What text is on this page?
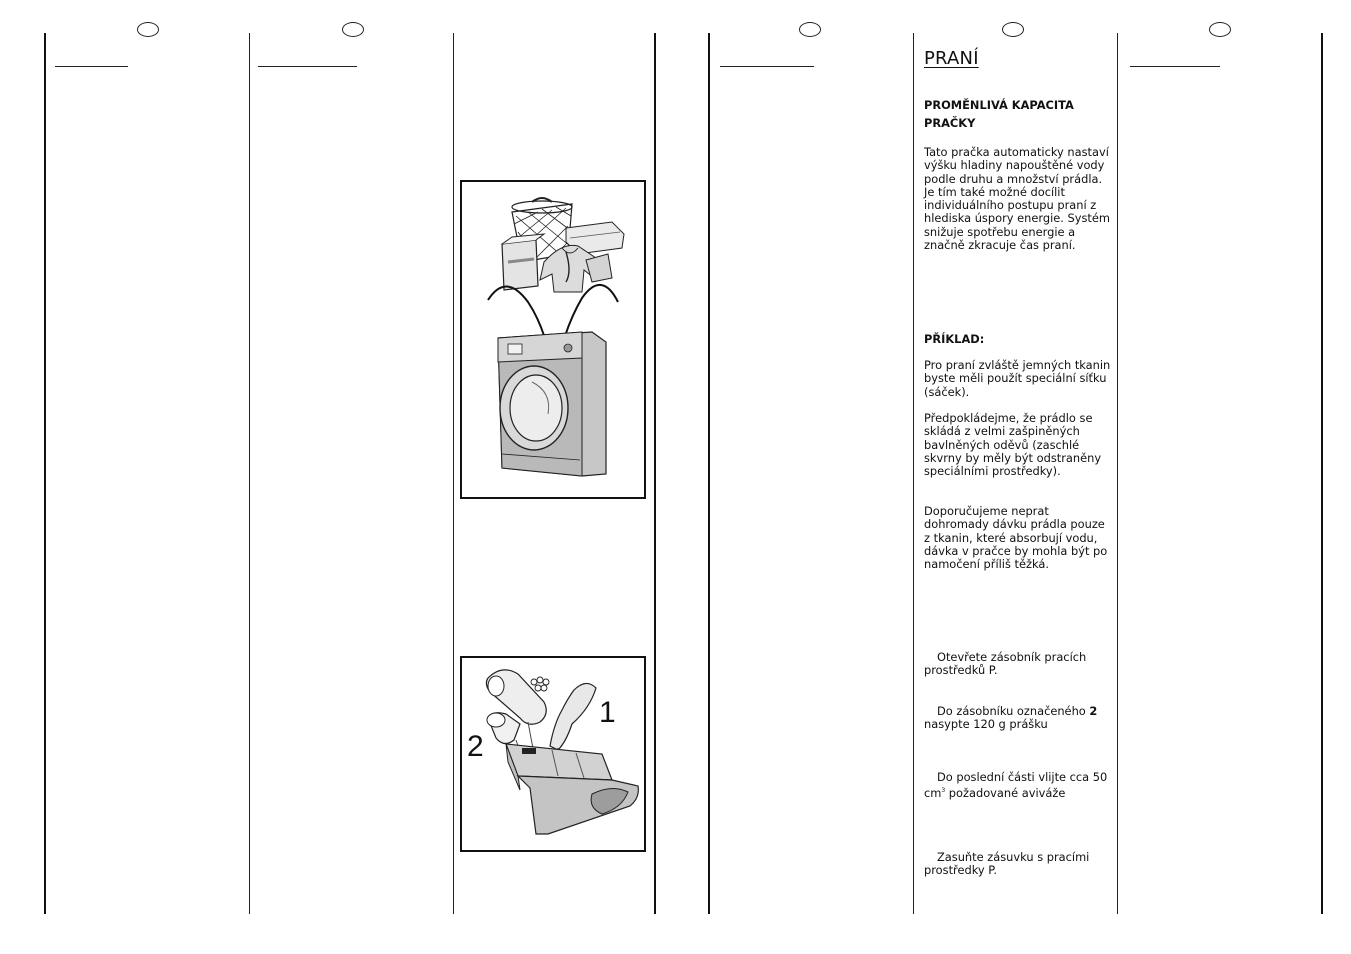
1
2
PRANÍ
PROMĚNLIVÁ KAPACITA PRAČKY
Tato pračka automaticky nastaví výšku hladiny napouštěné vody podle druhu a množství prádla. Je tím také možné docílit individuálního postupu praní z hlediska úspory energie. Systém snižuje spotřebu energie a značně zkracuje čas praní.
PŘÍKLAD:
Pro praní zvláště jemných tkanin byste měli použít speciální síťku (sáček).
Předpokládejme, že prádlo se skládá z velmi zašpiněných bavlněných oděvů (zaschlé skvrny by měly být odstraněny speciálními prostředky).
Doporučujeme neprat dohromady dávku prádla pouze z tkanin, které absorbují vodu, dávka v pračce by mohla být po namočení příliš těžká.
Otevřete zásobník pracích prostředků P.
Do zásobníku označeného 2 nasypte 120 g prášku
Do poslední části vlijte cca 50 $cm^3$ požadované aviváže
Zasuňte zásuvku s pracími prostředky P.
